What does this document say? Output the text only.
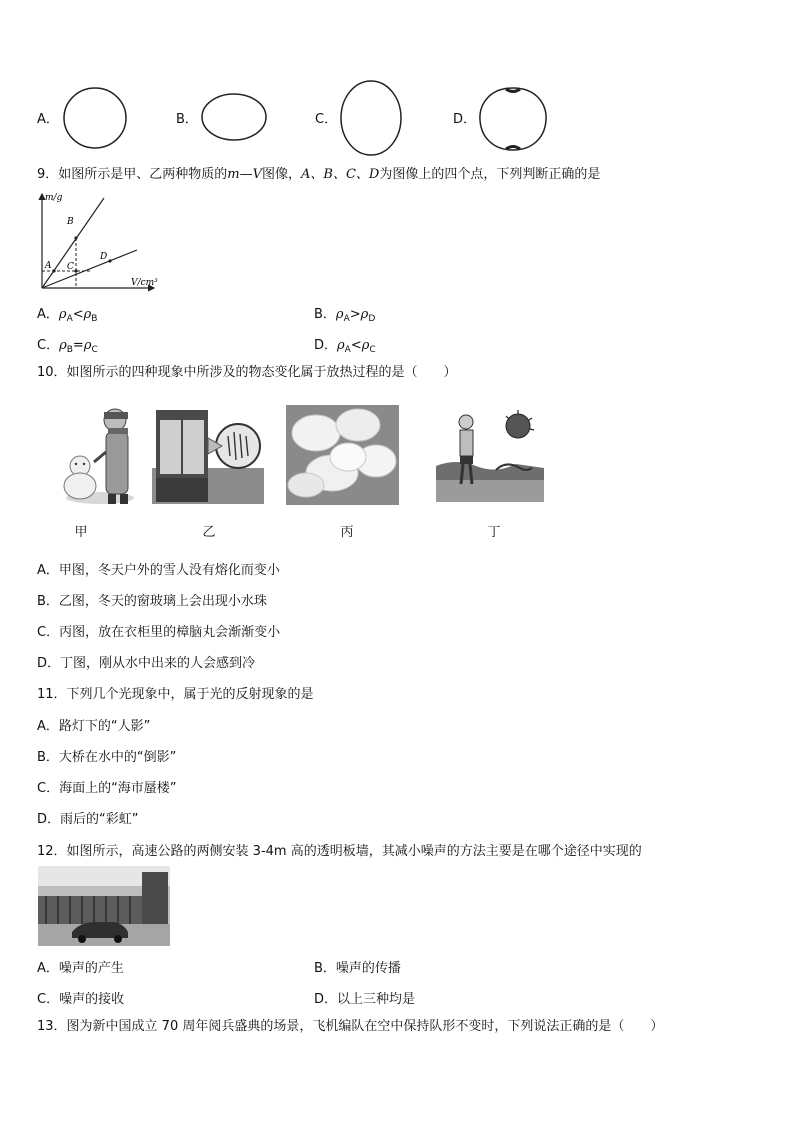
A．	B．	C．	D．
9．如图所示是甲、乙两种物质的m—V图像，A、B、C、D为图像上的四个点，下列判断正确的是
m/g
V/cm³
A
B
C
D
A．$\rho_A<\rho_B$	B．$\rho_A>\rho_D$
C．$\rho_B=\rho_C$	D．$\rho_A<\rho_C$
10．如图所示的四种现象中所涉及的物态变化属于放热过程的是（　　）
甲	乙	丙	丁
A．甲图，冬天户外的雪人没有熔化而变小
B．乙图，冬天的窗玻璃上会出现小水珠
C．丙图，放在衣柜里的樟脑丸会渐渐变小
D．丁图，刚从水中出来的人会感到冷
11．下列几个光现象中，属于光的反射现象的是
A．路灯下的“人影”
B．大桥在水中的“倒影”
C．海面上的“海市蜃楼”
D．雨后的“彩虹”
12．如图所示，高速公路的两侧安装 3-4m 高的透明板墙，其减小噪声的方法主要是在哪个途径中实现的
A．噪声的产生	B．噪声的传播
C．噪声的接收	D．以上三种均是
13．图为新中国成立 70 周年阅兵盛典的场景，飞机编队在空中保持队形不变时，下列说法正确的是（　　）
